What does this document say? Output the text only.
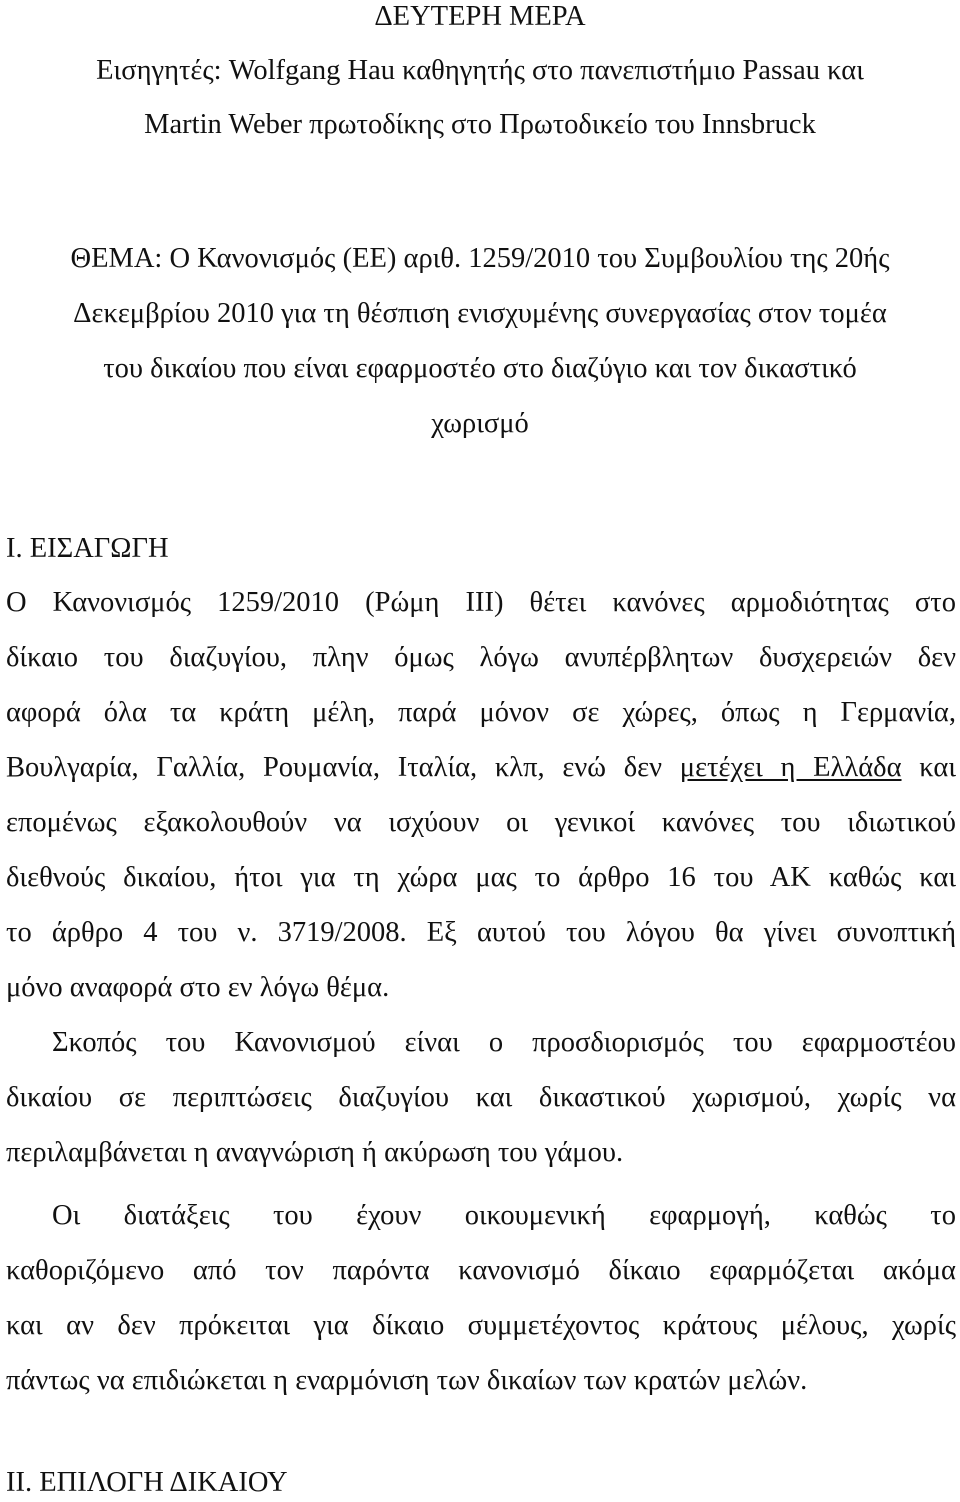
ΔΕΥΤΕΡΗ ΜΕΡΑ
Εισηγητές: Wolfgang Hau καθηγητής στο πανεπιστήμιο Passau και
Martin Weber πρωτοδίκης στο Πρωτοδικείο του Innsbruck
ΘΕΜΑ: Ο Κανονισμός (ΕΕ) αριθ. 1259/2010 του Συμβουλίου της 20ής
Δεκεμβρίου 2010 για τη θέσπιση ενισχυμένης συνεργασίας στον τομέα
του δικαίου που είναι εφαρμοστέο στο διαζύγιο και τον δικαστικό
χωρισμό
Ι. ΕΙΣΑΓΩΓΗ
Ο Κανονισμός 1259/2010 (Ρώμη ΙΙΙ) θέτει κανόνες αρμοδιότητας στο
δίκαιο του διαζυγίου, πλην όμως λόγω ανυπέρβλητων δυσχερειών δεν
αφορά όλα τα κράτη μέλη, παρά μόνον σε χώρες, όπως η Γερμανία,
Βουλγαρία, Γαλλία, Ρουμανία, Ιταλία, κλπ, ενώ δεν μετέχει η Ελλάδα και
επομένως εξακολουθούν να ισχύουν οι γενικοί κανόνες του ιδιωτικού
διεθνούς δικαίου, ήτοι για τη χώρα μας το άρθρο 16 του ΑΚ καθώς και
το άρθρο 4 του ν. 3719/2008. Εξ αυτού του λόγου θα γίνει συνοπτική
μόνο αναφορά στο εν λόγω θέμα.
Σκοπός του Κανονισμού είναι ο προσδιορισμός του εφαρμοστέου
δικαίου σε περιπτώσεις διαζυγίου και δικαστικού χωρισμού, χωρίς να
περιλαμβάνεται η αναγνώριση ή ακύρωση του γάμου.
Οι διατάξεις του έχουν οικουμενική εφαρμογή, καθώς το
καθοριζόμενο από τον παρόντα κανονισμό δίκαιο εφαρμόζεται ακόμα
και αν δεν πρόκειται για δίκαιο συμμετέχοντος κράτους μέλους, χωρίς
πάντως να επιδιώκεται η εναρμόνιση των δικαίων των κρατών μελών.
ΙΙ. ΕΠΙΛΟΓΗ ΔΙΚΑΙΟΥ
